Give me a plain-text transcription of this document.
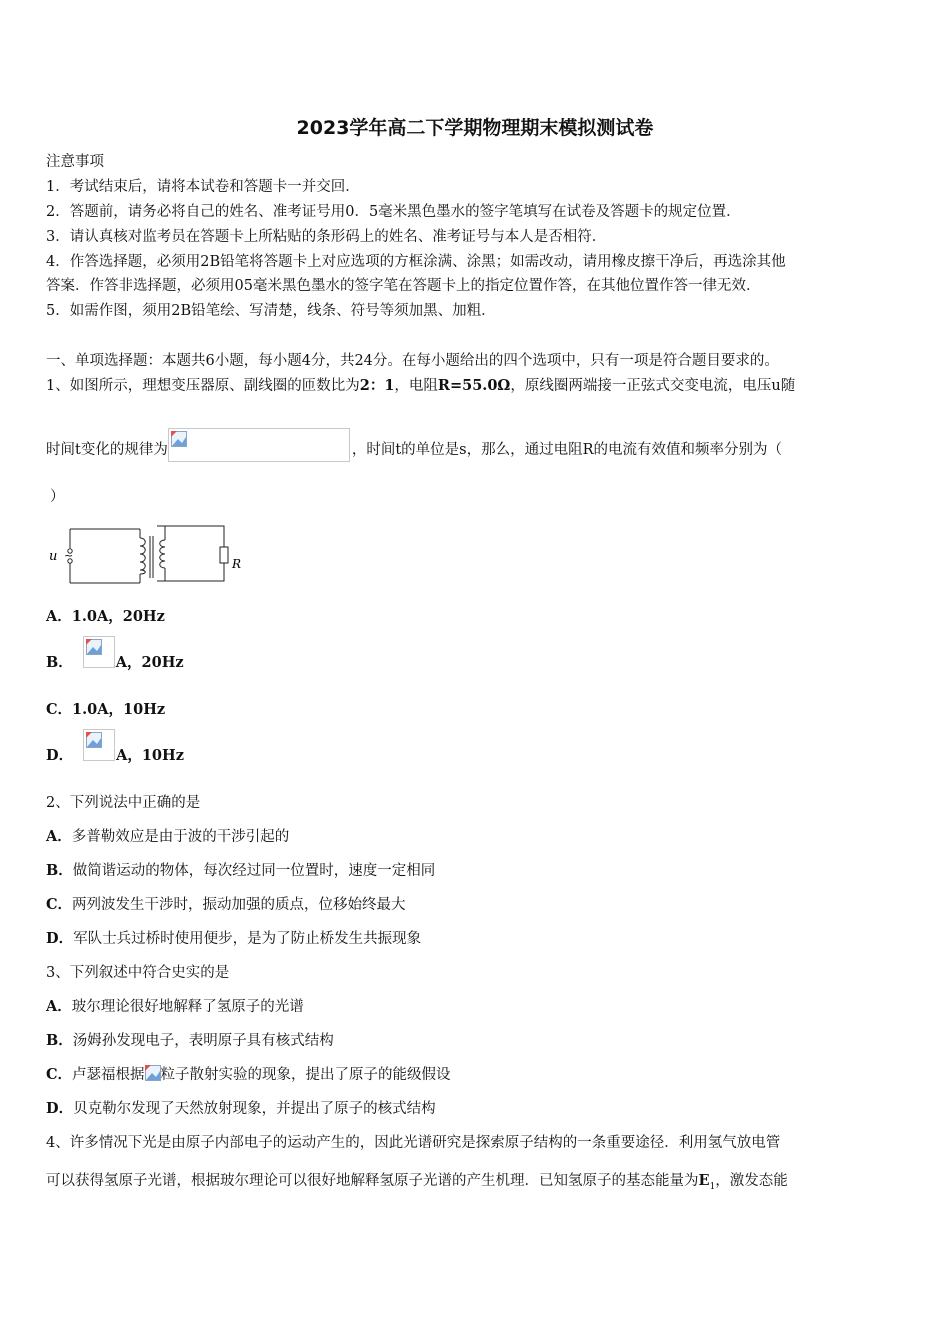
2023学年高二下学期物理期末模拟测试卷
注意事项
1．考试结束后，请将本试卷和答题卡一并交回．
2．答题前，请务必将自己的姓名、准考证号用0．5毫米黑色墨水的签字笔填写在试卷及答题卡的规定位置．
3．请认真核对监考员在答题卡上所粘贴的条形码上的姓名、准考证号与本人是否相符．
4．作答选择题，必须用2B铅笔将答题卡上对应选项的方框涂满、涂黑；如需改动，请用橡皮擦干净后，再选涂其他
答案．作答非选择题，必须用05毫米黑色墨水的签字笔在答题卡上的指定位置作答，在其他位置作答一律无效．
5．如需作图，须用2B铅笔绘、写清楚，线条、符号等须加黑、加粗．
一、单项选择题：本题共6小题，每小题4分，共24分。在每小题给出的四个选项中，只有一项是符合题目要求的。
1、如图所示，理想变压器原、副线圈的匝数比为2：1，电阻R=55.0Ω，原线圈两端接一正弦式交变电流，电压u随
时间t变化的规律为	，时间t的单位是s，那么，通过电阻R的电流有效值和频率分别为（
）
u ~
R
A．1.0A，20Hz
B．	A，20Hz
C．1.0A，10Hz
D．	A，10Hz
2、下列说法中正确的是
A．多普勒效应是由于波的干涉引起的
B．做简谐运动的物体，每次经过同一位置时，速度一定相同
C．两列波发生干涉时，振动加强的质点，位移始终最大
D．军队士兵过桥时使用便步，是为了防止桥发生共振现象
3、下列叙述中符合史实的是
A．玻尔理论很好地解释了氢原子的光谱
B．汤姆孙发现电子，表明原子具有核式结构
C．卢瑟福根据 粒子散射实验的现象，提出了原子的能级假设
D．贝克勒尔发现了天然放射现象，并提出了原子的核式结构
4、许多情况下光是由原子内部电子的运动产生的，因此光谱研究是探索原子结构的一条重要途径．利用氢气放电管
可以获得氢原子光谱，根据玻尔理论可以很好地解释氢原子光谱的产生机理．已知氢原子的基态能量为$E_1$，激发态能
